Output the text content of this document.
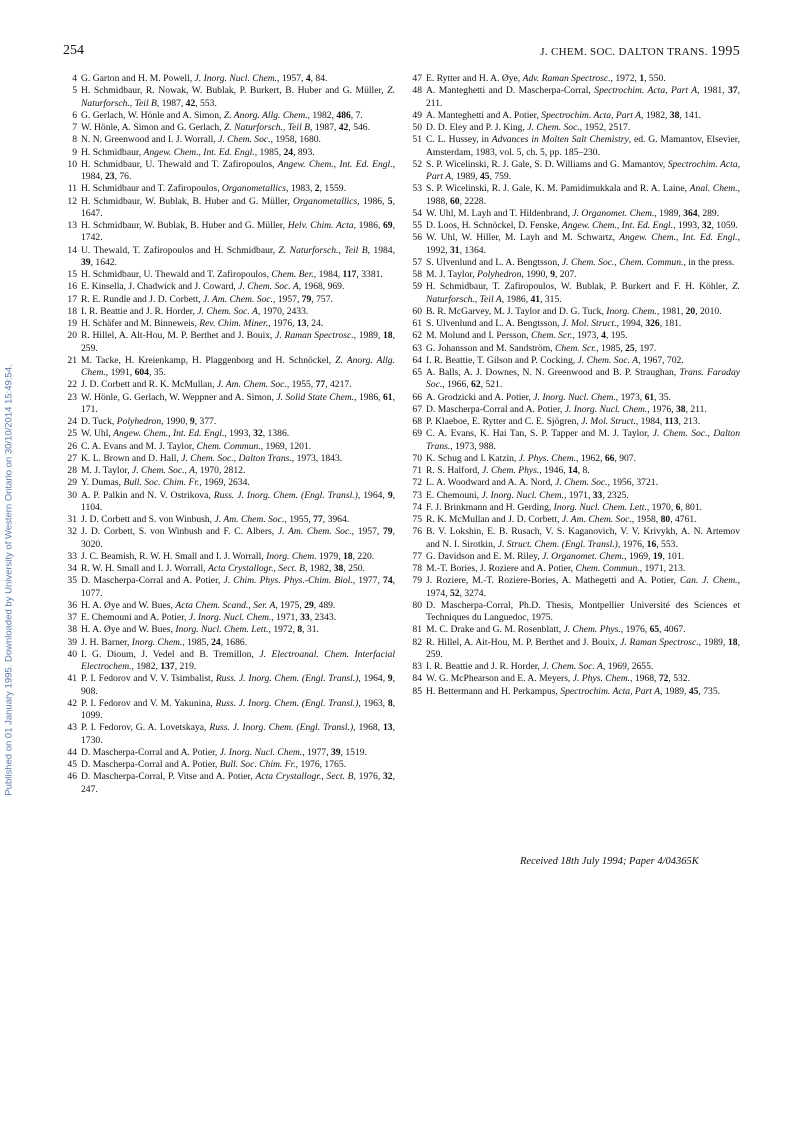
Published on 01 January 1995. Downloaded by University of Western Ontario on 30/10/2014 15:49:54.
254	J. CHEM. SOC. DALTON TRANS. 1995
4 G. Garton and H. M. Powell, J. Inorg. Nucl. Chem., 1957, 4, 84.
5 H. Schmidbaur, R. Nowak, W. Bublak, P. Burkert, B. Huber and G. Müller, Z. Naturforsch., Teil B, 1987, 42, 553.
6 G. Gerlach, W. Hönle and A. Simon, Z. Anorg. Allg. Chem., 1982, 486, 7.
7 W. Hönle, A. Simon and G. Gerlach, Z. Naturforsch., Teil B, 1987, 42, 546.
8 N. N. Greenwood and I. J. Worrall, J. Chem. Soc., 1958, 1680.
9 H. Schmidbaur, Angew. Chem., Int. Ed. Engl., 1985, 24, 893.
10 H. Schmidbaur, U. Thewald and T. Zafiropoulos, Angew. Chem., Int. Ed. Engl., 1984, 23, 76.
11 H. Schmidbaur and T. Zafiropoulos, Organometallics, 1983, 2, 1559.
12 H. Schmidbaur, W. Bublak, B. Huber and G. Müller, Organometallics, 1986, 5, 1647.
13 H. Schmidbaur, W. Bublak, B. Huber and G. Müller, Helv. Chim. Acta, 1986, 69, 1742.
14 U. Thewald, T. Zafiropoulos and H. Schmidbaur, Z. Naturforsch., Teil B, 1984, 39, 1642.
15 H. Schmidbaur, U. Thewald and T. Zafiropoulos, Chem. Ber., 1984, 117, 3381.
16 E. Kinsella, J. Chadwick and J. Coward, J. Chem. Soc. A, 1968, 969.
17 R. E. Rundle and J. D. Corbett, J. Am. Chem. Soc., 1957, 79, 757.
18 I. R. Beattie and J. R. Horder, J. Chem. Soc. A, 1970, 2433.
19 H. Schäfer and M. Binneweis, Rev. Chim. Miner., 1976, 13, 24.
20 R. Hillel, A. Alt-Hou, M. P. Berthet and J. Bouix, J. Raman Spectrosc., 1989, 18, 259.
21 M. Tacke, H. Kreienkamp, H. Plaggenborg and H. Schnöckel, Z. Anorg. Allg. Chem., 1991, 604, 35.
22 J. D. Corbett and R. K. McMullan, J. Am. Chem. Soc., 1955, 77, 4217.
23 W. Hönle, G. Gerlach, W. Weppner and A. Simon, J. Solid State Chem., 1986, 61, 171.
24 D. Tuck, Polyhedron, 1990, 9, 377.
25 W. Uhl, Angew. Chem., Int. Ed. Engl., 1993, 32, 1386.
26 C. A. Evans and M. J. Taylor, Chem. Commun., 1969, 1201.
27 K. L. Brown and D. Hall, J. Chem. Soc., Dalton Trans., 1973, 1843.
28 M. J. Taylor, J. Chem. Soc., A, 1970, 2812.
29 Y. Dumas, Bull. Soc. Chim. Fr., 1969, 2634.
30 A. P. Palkin and N. V. Ostrikova, Russ. J. Inorg. Chem. (Engl. Transl.), 1964, 9, 1104.
31 J. D. Corbett and S. von Winbush, J. Am. Chem. Soc., 1955, 77, 3964.
32 J. D. Corbett, S. von Winbush and F. C. Albers, J. Am. Chem. Soc., 1957, 79, 3020.
33 J. C. Beamish, R. W. H. Small and I. J. Worrall, Inorg. Chem. 1979, 18, 220.
34 R. W. H. Small and I. J. Worrall, Acta Crystallogr., Sect. B, 1982, 38, 250.
35 D. Mascherpa-Corral and A. Potier, J. Chim. Phys. Phys.-Chim. Biol., 1977, 74, 1077.
36 H. A. Øye and W. Bues, Acta Chem. Scand., Ser. A, 1975, 29, 489.
37 E. Chemouni and A. Potier, J. Inorg. Nucl. Chem., 1971, 33, 2343.
38 H. A. Øye and W. Bues, Inorg. Nucl. Chem. Lett., 1972, 8, 31.
39 J. H. Barner, Inorg. Chem., 1985, 24, 1686.
40 I. G. Dioum, J. Vedel and B. Tremillon, J. Electroanal. Chem. Interfacial Electrochem., 1982, 137, 219.
41 P. I. Fedorov and V. V. Tsimbalist, Russ. J. Inorg. Chem. (Engl. Transl.), 1964, 9, 908.
42 P. I. Fedorov and V. M. Yakunina, Russ. J. Inorg. Chem. (Engl. Transl.), 1963, 8, 1099.
43 P. I. Fedorov, G. A. Lovetskaya, Russ. J. Inorg. Chem. (Engl. Transl.), 1968, 13, 1730.
44 D. Mascherpa-Corral and A. Potier, J. Inorg. Nucl. Chem., 1977, 39, 1519.
45 D. Mascherpa-Corral and A. Potier, Bull. Soc. Chim. Fr., 1976, 1765.
46 D. Mascherpa-Corral, P. Vitse and A. Potier, Acta Crystallogr., Sect. B, 1976, 32, 247.
47 E. Rytter and H. A. Øye, Adv. Raman Spectrosc., 1972, 1, 550.
48 A. Manteghetti and D. Mascherpa-Corral, Spectrochim. Acta, Part A, 1981, 37, 211.
49 A. Manteghetti and A. Potier, Spectrochim. Acta, Part A, 1982, 38, 141.
50 D. D. Eley and P. J. King, J. Chem. Soc., 1952, 2517.
51 C. L. Hussey, in Advances in Molten Salt Chemistry, ed. G. Mamantov, Elsevier, Amsterdam, 1983, vol. 5, ch. 5, pp. 185–230.
52 S. P. Wicelinski, R. J. Gale, S. D. Williams and G. Mamantov, Spectrochim. Acta, Part A, 1989, 45, 759.
53 S. P. Wicelinski, R. J. Gale, K. M. Pamidimukkala and R. A. Laine, Anal. Chem., 1988, 60, 2228.
54 W. Uhl, M. Layh and T. Hildenbrand, J. Organomet. Chem., 1989, 364, 289.
55 D. Loos, H. Schnöckel, D. Fenske, Angew. Chem., Int. Ed. Engl., 1993, 32, 1059.
56 W. Uhl, W. Hiller, M. Layh and M. Schwartz, Angew. Chem., Int. Ed. Engl., 1992, 31, 1364.
57 S. Ulvenlund and L. A. Bengtsson, J. Chem. Soc., Chem. Commun., in the press.
58 M. J. Taylor, Polyhedron, 1990, 9, 207.
59 H. Schmidbaur, T. Zafiropoulos, W. Bublak, P. Burkert and F. H. Köhler, Z. Naturforsch., Teil A, 1986, 41, 315.
60 B. R. McGarvey, M. J. Taylor and D. G. Tuck, Inorg. Chem., 1981, 20, 2010.
61 S. Ulvenlund and L. A. Bengtsson, J. Mol. Struct., 1994, 326, 181.
62 M. Molund and I. Persson, Chem. Scr., 1973, 4, 195.
63 G. Johansson and M. Sandström, Chem. Scr., 1985, 25, 197.
64 I. R. Beattie, T. Gilson and P. Cocking, J. Chem. Soc. A, 1967, 702.
65 A. Balls, A. J. Downes, N. N. Greenwood and B. P. Straughan, Trans. Faraday Soc., 1966, 62, 521.
66 A. Grodzicki and A. Potier, J. Inorg. Nucl. Chem., 1973, 61, 35.
67 D. Mascherpa-Corral and A. Potier, J. Inorg. Nucl. Chem., 1976, 38, 211.
68 P. Klaeboe, E. Rytter and C. E. Sjögren, J. Mol. Struct., 1984, 113, 213.
69 C. A. Evans, K. Hai Tan, S. P. Tapper and M. J. Taylor, J. Chem. Soc., Dalton Trans., 1973, 988.
70 K. Schug and I. Katzin, J. Phys. Chem., 1962, 66, 907.
71 R. S. Halford, J. Chem. Phys., 1946, 14, 8.
72 L. A. Woodward and A. A. Nord, J. Chem. Soc., 1956, 3721.
73 E. Chemouni, J. Inorg. Nucl. Chem., 1971, 33, 2325.
74 F. J. Brinkmann and H. Gerding, Inorg. Nucl. Chem. Lett., 1970, 6, 801.
75 R. K. McMullan and J. D. Corbett, J. Am. Chem. Soc., 1958, 80, 4761.
76 B. V. Lokshin, E. B. Rusach, V. S. Kaganovich, V. V. Krivykh, A. N. Artemov and N. I. Sirotkin, J. Struct. Chem. (Engl. Transl.), 1976, 16, 553.
77 G. Davidson and E. M. Riley, J. Organomet. Chem., 1969, 19, 101.
78 M.-T. Bories, J. Roziere and A. Potier, Chem. Commun., 1971, 213.
79 J. Roziere, M.-T. Roziere-Bories, A. Mathegetti and A. Potier, Can. J. Chem., 1974, 52, 3274.
80 D. Mascherpa-Corral, Ph.D. Thesis, Montpellier Université des Sciences et Techniques du Languedoc, 1975.
81 M. C. Drake and G. M. Rosenblatt, J. Chem. Phys., 1976, 65, 4067.
82 R. Hillel, A. Ait-Hou, M. P. Berthet and J. Bouix, J. Raman Spectrosc., 1989, 18, 259.
83 I. R. Beattie and J. R. Horder, J. Chem. Soc. A, 1969, 2655.
84 W. G. McPhearson and E. A. Meyers, J. Phys. Chem., 1968, 72, 532.
85 H. Bettermann and H. Perkampus, Spectrochim. Acta, Part A, 1989, 45, 735.
Received 18th July 1994; Paper 4/04365K
